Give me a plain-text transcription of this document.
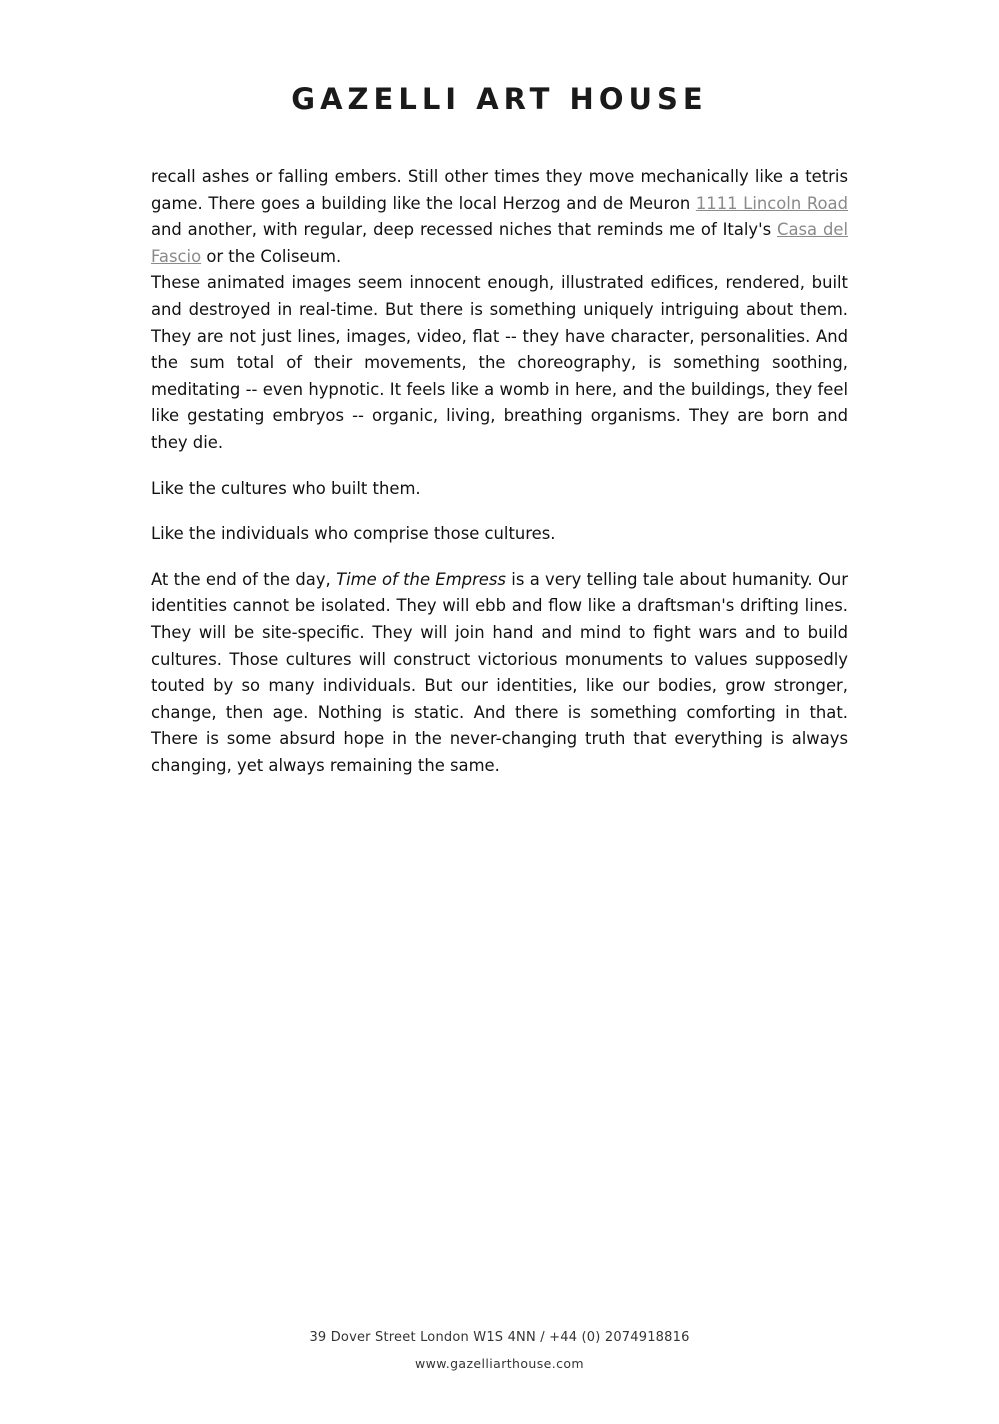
GAZELLI ART HOUSE

recall ashes or falling embers. Still other times they move mechanically like a tetris game. There goes a building like the local Herzog and de Meuron 1111 Lincoln Road and another, with regular, deep recessed niches that reminds me of Italy's Casa del Fascio or the Coliseum.

These animated images seem innocent enough, illustrated edifices, rendered, built and destroyed in real-time. But there is something uniquely intriguing about them. They are not just lines, images, video, flat -- they have character, personalities. And the sum total of their movements, the choreography, is something soothing, meditating -- even hypnotic. It feels like a womb in here, and the buildings, they feel like gestating embryos -- organic, living, breathing organisms. They are born and they die.

Like the cultures who built them.

Like the individuals who comprise those cultures.

At the end of the day, Time of the Empress is a very telling tale about humanity. Our identities cannot be isolated. They will ebb and flow like a draftsman's drifting lines. They will be site-specific. They will join hand and mind to fight wars and to build cultures. Those cultures will construct victorious monuments to values supposedly touted by so many individuals. But our identities, like our bodies, grow stronger, change, then age. Nothing is static. And there is something comforting in that. There is some absurd hope in the never-changing truth that everything is always changing, yet always remaining the same.

39 Dover Street London W1S 4NN / +44 (0) 2074918816
www.gazelliarthouse.com
